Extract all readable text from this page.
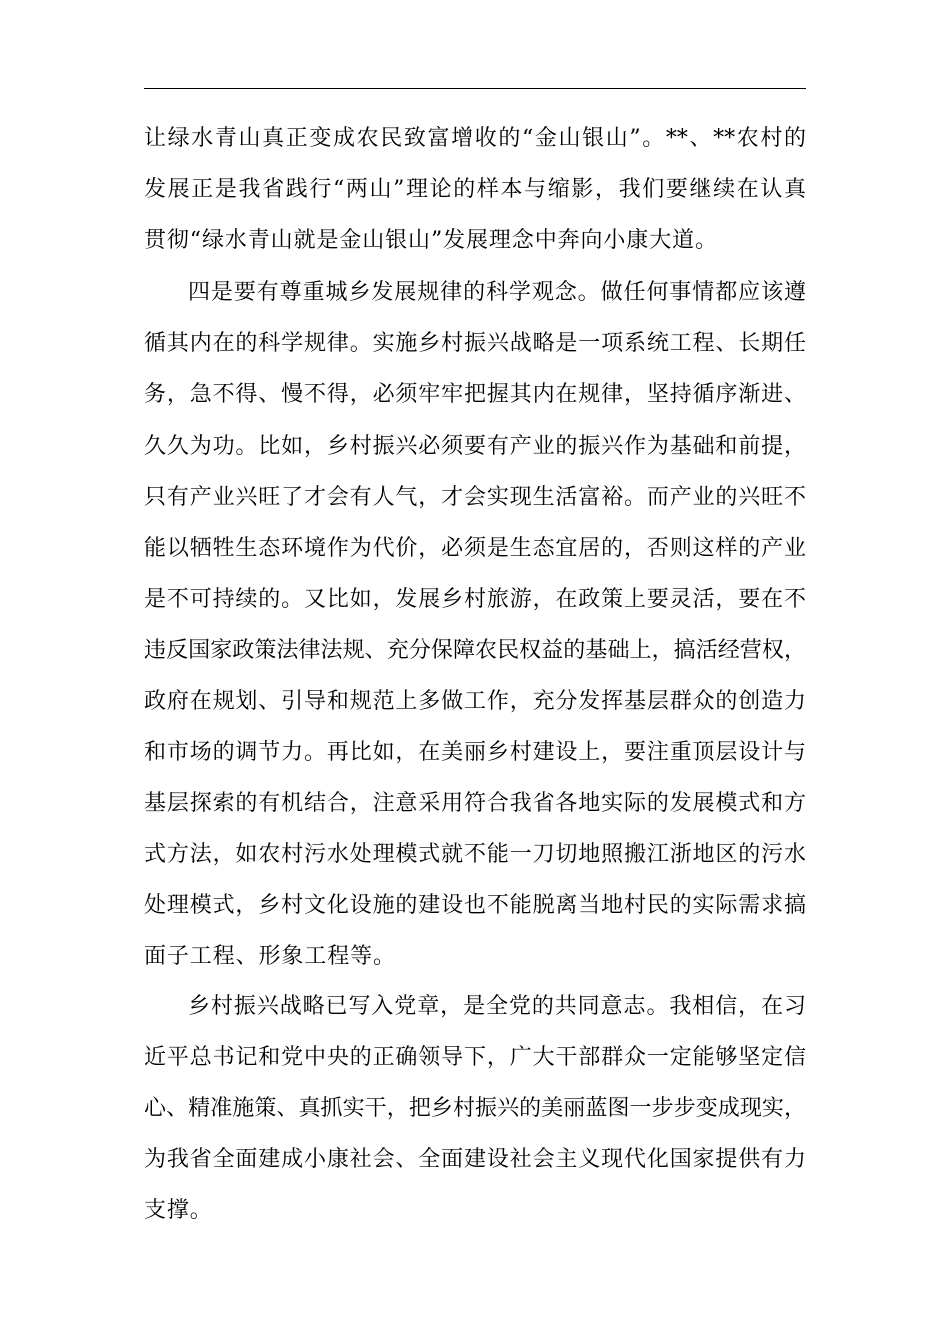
让绿水青山真正变成农民致富增收的“金山银山”。**、**农村的
发展正是我省践行“两山”理论的样本与缩影，我们要继续在认真
贯彻“绿水青山就是金山银山”发展理念中奔向小康大道。
四是要有尊重城乡发展规律的科学观念。做任何事情都应该遵
循其内在的科学规律。实施乡村振兴战略是一项系统工程、长期任
务，急不得、慢不得，必须牢牢把握其内在规律，坚持循序渐进、
久久为功。比如，乡村振兴必须要有产业的振兴作为基础和前提，
只有产业兴旺了才会有人气，才会实现生活富裕。而产业的兴旺不
能以牺牲生态环境作为代价，必须是生态宜居的，否则这样的产业
是不可持续的。又比如，发展乡村旅游，在政策上要灵活，要在不
违反国家政策法律法规、充分保障农民权益的基础上，搞活经营权，
政府在规划、引导和规范上多做工作，充分发挥基层群众的创造力
和市场的调节力。再比如，在美丽乡村建设上，要注重顶层设计与
基层探索的有机结合，注意采用符合我省各地实际的发展模式和方
式方法，如农村污水处理模式就不能一刀切地照搬江浙地区的污水
处理模式，乡村文化设施的建设也不能脱离当地村民的实际需求搞
面子工程、形象工程等。
乡村振兴战略已写入党章，是全党的共同意志。我相信，在习
近平总书记和党中央的正确领导下，广大干部群众一定能够坚定信
心、精准施策、真抓实干，把乡村振兴的美丽蓝图一步步变成现实，
为我省全面建成小康社会、全面建设社会主义现代化国家提供有力
支撑。
